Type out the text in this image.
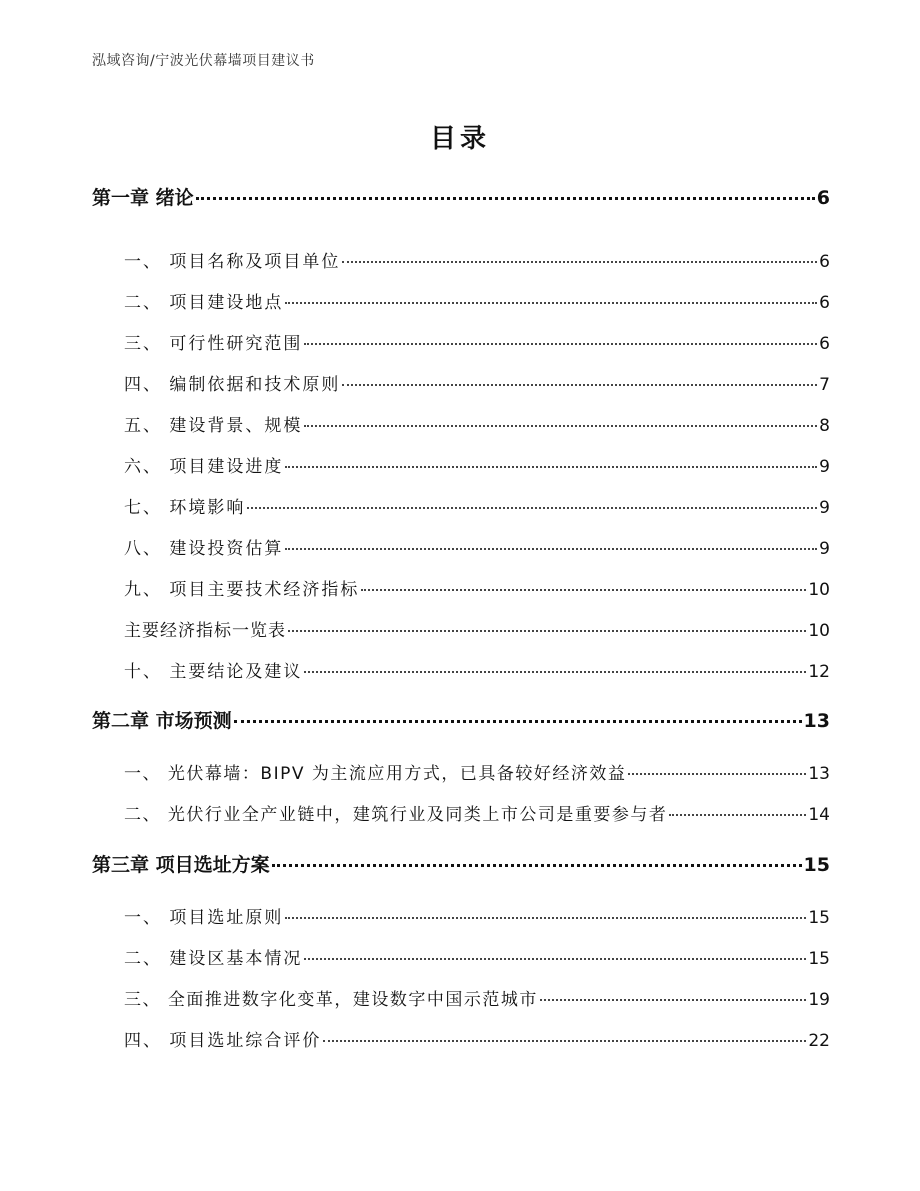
泓域咨询/宁波光伏幕墙项目建议书
目录
第一章 绪论	6
一、 项目名称及项目单位	6
二、 项目建设地点	6
三、 可行性研究范围	6
四、 编制依据和技术原则	7
五、 建设背景、规模	8
六、 项目建设进度	9
七、 环境影响	9
八、 建设投资估算	9
九、 项目主要技术经济指标	10
主要经济指标一览表	10
十、 主要结论及建议	12
第二章 市场预测	13
一、 光伏幕墙：BIPV 为主流应用方式，已具备较好经济效益	13
二、 光伏行业全产业链中，建筑行业及同类上市公司是重要参与者	14
第三章 项目选址方案	15
一、 项目选址原则	15
二、 建设区基本情况	15
三、 全面推进数字化变革，建设数字中国示范城市	19
四、 项目选址综合评价	22
